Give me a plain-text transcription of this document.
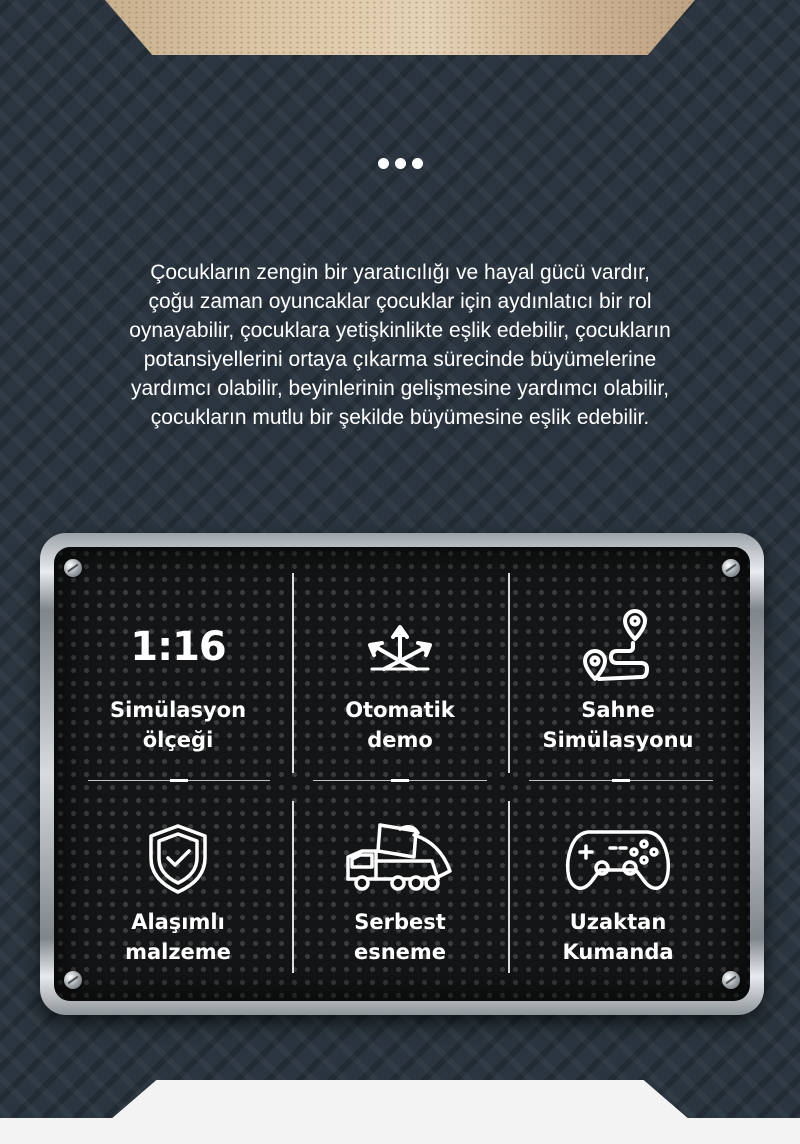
Çocukların zengin bir yaratıcılığı ve hayal gücü vardır,
çoğu zaman oyuncaklar çocuklar için aydınlatıcı bir rol
oynayabilir, çocuklara yetişkinlikte eşlik edebilir, çocukların
potansiyellerini ortaya çıkarma sürecinde büyümelerine
yardımcı olabilir, beyinlerinin gelişmesine yardımcı olabilir,
çocukların mutlu bir şekilde büyümesine eşlik edebilir.
1:16
Simülasyon
ölçeği
Otomatik
demo
Sahne
Simülasyonu
Alaşımlı
malzeme
Serbest
esneme
Uzaktan
Kumanda
